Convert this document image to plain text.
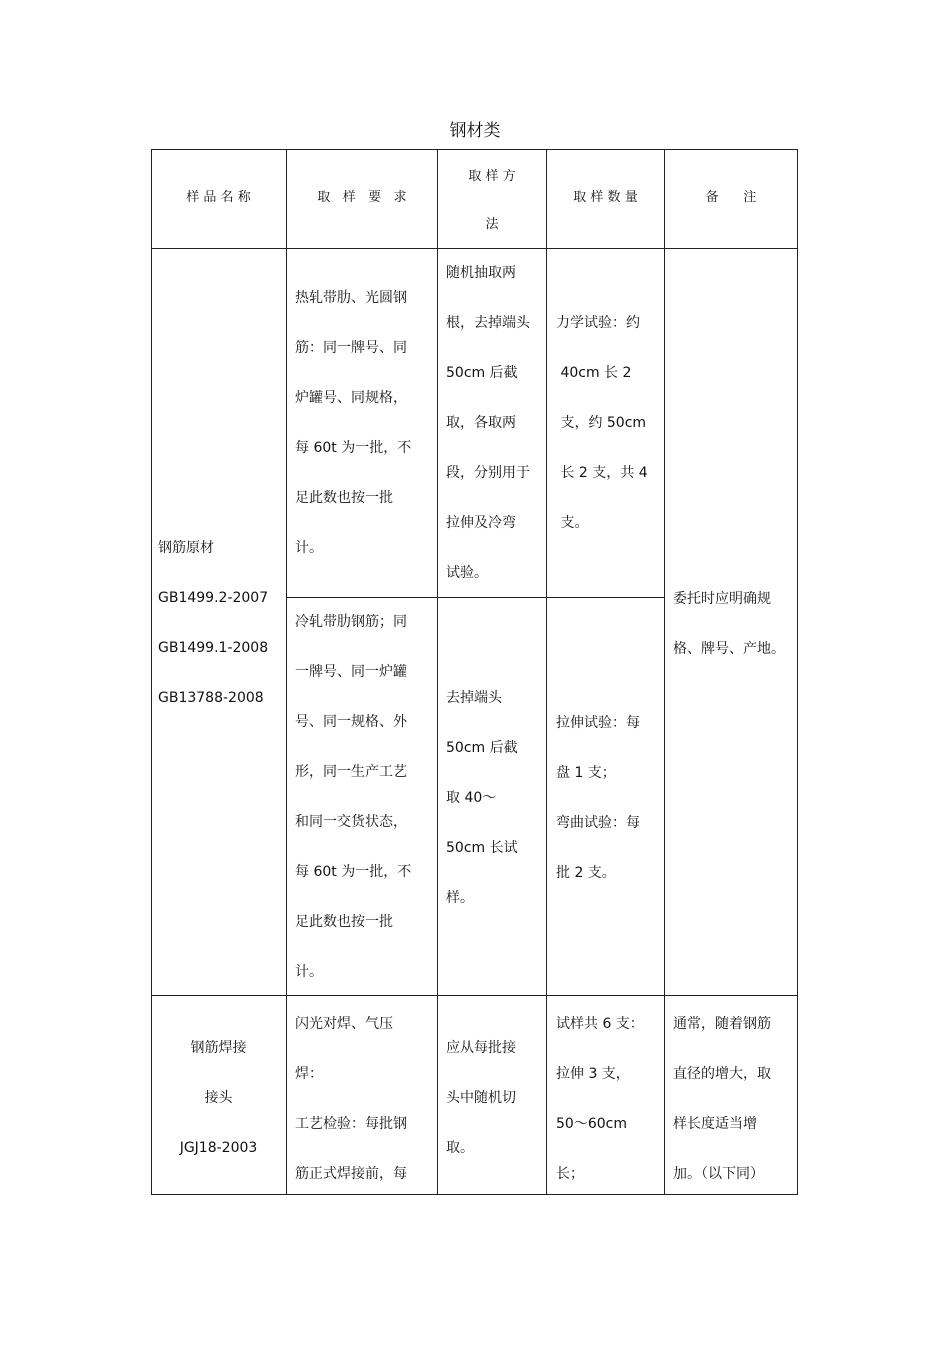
钢材类
样 品 名 称	取   样   要   求
取 样 方

法
取 样 数 量	备      注
钢筋原材
GB1499.2-2007
GB1499.1-2008
GB13788-2008
热轧带肋、光圆钢
筋：同一牌号、同
炉罐号、同规格，
每 60t 为一批，不
足此数也按一批
计。
随机抽取两
根，去掉端头
50cm 后截
取，各取两
段，分别用于
拉伸及冷弯
试验。
力学试验：约
40cm 长 2
支，约 50cm
长 2 支，共 4
支。
冷轧带肋钢筋；同
一牌号、同一炉罐
号、同一规格、外
形，同一生产工艺
和同一交货状态，
每 60t 为一批，不
足此数也按一批
计。
去掉端头
50cm 后截
取 40～
50cm 长试
样。
拉伸试验：每
盘 1 支；
弯曲试验：每
批 2 支。
委托时应明确规
格、牌号、产地。
钢筋焊接
接头
JGJ18-2003
闪光对焊、气压
焊：
工艺检验：每批钢
筋正式焊接前，每
应从每批接
头中随机切
取。
试样共 6 支：
拉伸 3 支，
50～60cm
长；
通常，随着钢筋
直径的增大，取
样长度适当增
加。（以下同）
